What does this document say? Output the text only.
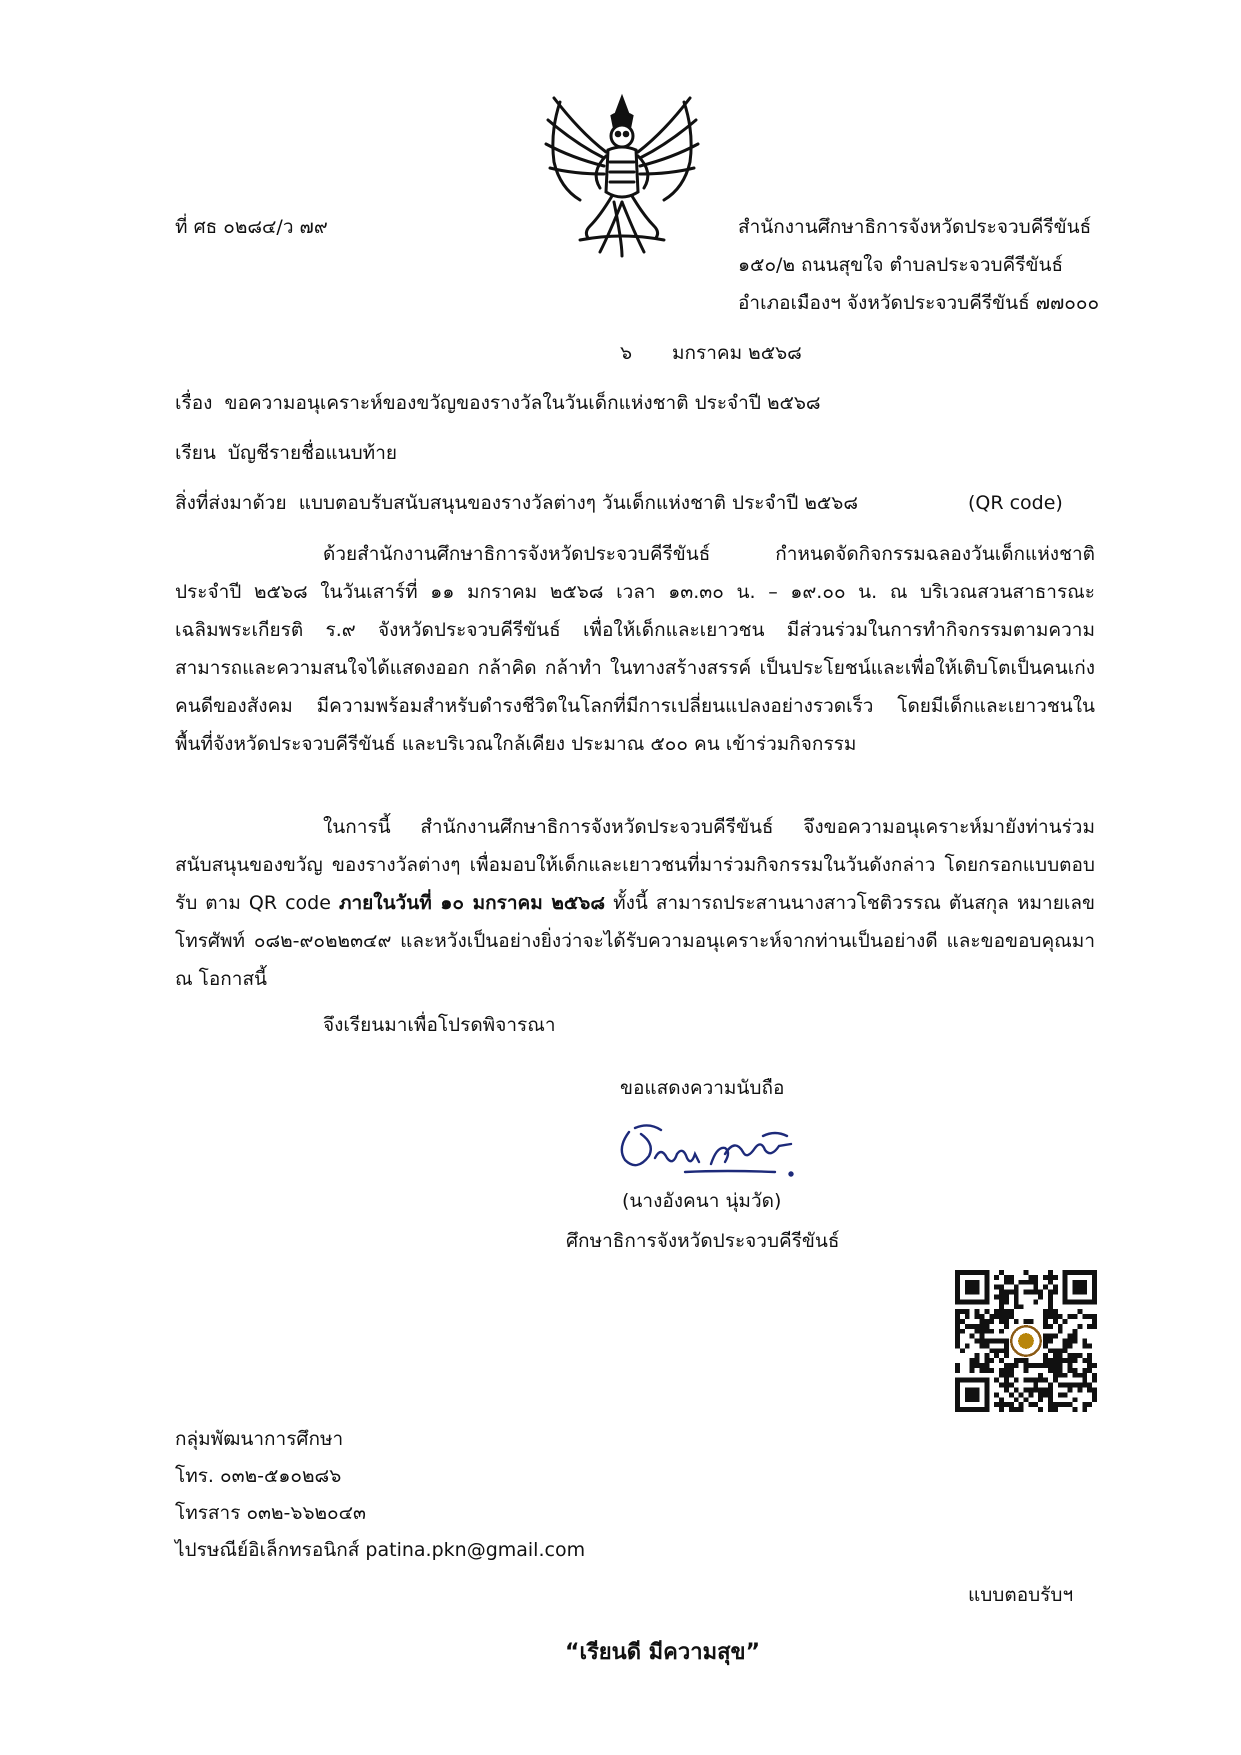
ที่ ศธ ๐๒๘๔/ว ๗๙	สำนักงานศึกษาธิการจังหวัดประจวบคีรีขันธ์
๑๕๐/๒ ถนนสุขใจ ตำบลประจวบคีรีขันธ์
อำเภอเมืองฯ จังหวัดประจวบคีรีขันธ์ ๗๗๐๐๐
๖ มกราคม ๒๕๖๘
เรื่อง ขอความอนุเคราะห์ของขวัญของรางวัลในวันเด็กแห่งชาติ ประจำปี ๒๕๖๘
เรียน บัญชีรายชื่อแนบท้าย
สิ่งที่ส่งมาด้วย แบบตอบรับสนับสนุนของรางวัลต่างๆ วันเด็กแห่งชาติ ประจำปี ๒๕๖๘	(QR code)

ด้วยสำนักงานศึกษาธิการจังหวัดประจวบคีรีขันธ์ กำหนดจัดกิจกรรมฉลองวันเด็กแห่งชาติ ประจำปี ๒๕๖๘ ในวันเสาร์ที่ ๑๑ มกราคม ๒๕๖๘ เวลา ๑๓.๓๐ น. – ๑๙.๐๐ น. ณ บริเวณสวนสาธารณะเฉลิมพระเกียรติ ร.๙ จังหวัดประจวบคีรีขันธ์ เพื่อให้เด็กและเยาวชน มีส่วนร่วมในการทำกิจกรรมตามความสามารถและความสนใจได้แสดงออก กล้าคิด กล้าทำ ในทางสร้างสรรค์ เป็นประโยชน์และเพื่อให้เติบโตเป็นคนเก่ง คนดีของสังคม มีความพร้อมสำหรับดำรงชีวิตในโลกที่มีการเปลี่ยนแปลงอย่างรวดเร็ว โดยมีเด็กและเยาวชนในพื้นที่จังหวัดประจวบคีรีขันธ์ และบริเวณใกล้เคียง ประมาณ ๕๐๐ คน เข้าร่วมกิจกรรม

ในการนี้ สำนักงานศึกษาธิการจังหวัดประจวบคีรีขันธ์ จึงขอความอนุเคราะห์มายังท่านร่วมสนับสนุนของขวัญ ของรางวัลต่างๆ เพื่อมอบให้เด็กและเยาวชนที่มาร่วมกิจกรรมในวันดังกล่าว โดยกรอกแบบตอบรับ ตาม QR code ภายในวันที่ ๑๐ มกราคม ๒๕๖๘ ทั้งนี้ สามารถประสานนางสาวโชติวรรณ ตันสกุล หมายเลขโทรศัพท์ ๐๘๒-๙๐๒๒๓๔๙ และหวังเป็นอย่างยิ่งว่าจะได้รับความอนุเคราะห์จากท่านเป็นอย่างดี และขอขอบคุณมา ณ โอกาสนี้

จึงเรียนมาเพื่อโปรดพิจารณา
ขอแสดงความนับถือ
(นางอังคนา นุ่มวัด)
ศึกษาธิการจังหวัดประจวบคีรีขันธ์
กลุ่มพัฒนาการศึกษา
โทร. ๐๓๒-๕๑๐๒๘๖
โทรสาร ๐๓๒-๖๖๒๐๔๓
ไปรษณีย์อิเล็กทรอนิกส์ patina.pkn@gmail.com
แบบตอบรับฯ
“เรียนดี มีความสุข”
